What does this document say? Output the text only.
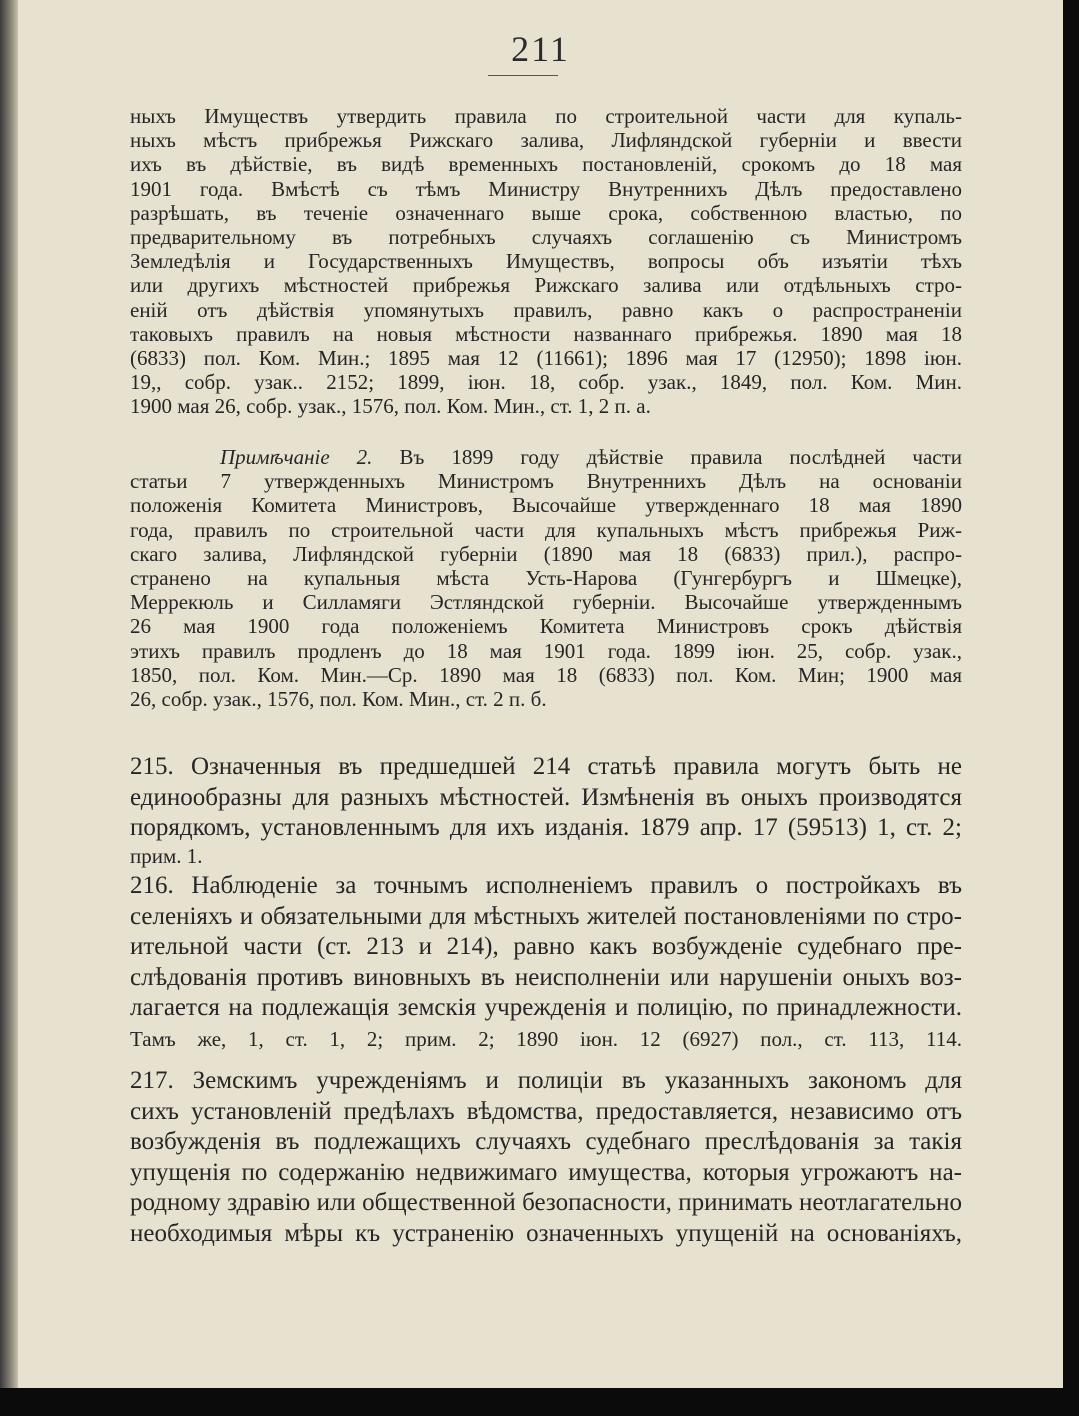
211
ныхъ Имуществъ утвердить правила по строительной части для купаль-
ныхъ мѣстъ прибрежья Рижскаго залива, Лифляндской губерніи и ввести
ихъ въ дѣйствіе, въ видѣ временныхъ постановленій, срокомъ до 18 мая
1901 года. Вмѣстѣ съ тѣмъ Министру Внутреннихъ Дѣлъ предоставлено
разрѣшать, въ теченіе означеннаго выше срока, собственною властью, по
предварительному въ потребныхъ случаяхъ соглашенію съ Министромъ
Земледѣлія и Государственныхъ Имуществъ, вопросы объ изъятіи тѣхъ
или другихъ мѣстностей прибрежья Рижскаго залива или отдѣльныхъ стро-
еній отъ дѣйствія упомянутыхъ правилъ, равно какъ о распространеніи
таковыхъ правилъ на новыя мѣстности названнаго прибрежья. 1890 мая 18
(6833) пол. Ком. Мин.; 1895 мая 12 (11661); 1896 мая 17 (12950); 1898 іюн.
19,, собр. узак.. 2152; 1899, іюн. 18, собр. узак., 1849, пол. Ком. Мин.
1900 мая 26, собр. узак., 1576, пол. Ком. Мин., ст. 1, 2 п. а.
Примѣчаніе 2. Въ 1899 году дѣйствіе правила послѣдней части
статьи 7 утвержденныхъ Министромъ Внутреннихъ Дѣлъ на основаніи
положенія Комитета Министровъ, Высочайше утвержденнаго 18 мая 1890
года, правилъ по строительной части для купальныхъ мѣстъ прибрежья Риж-
скаго залива, Лифляндской губерніи (1890 мая 18 (6833) прил.), распро-
странено на купальныя мѣста Усть-Нарова (Гунгербургъ и Шмецке),
Меррекюль и Силламяги Эстляндской губерніи. Высочайше утвержденнымъ
26 мая 1900 года положеніемъ Комитета Министровъ срокъ дѣйствія
этихъ правилъ продленъ до 18 мая 1901 года. 1899 іюн. 25, собр. узак.,
1850, пол. Ком. Мин.—Ср. 1890 мая 18 (6833) пол. Ком. Мин; 1900 мая
26, собр. узак., 1576, пол. Ком. Мин., ст. 2 п. б.
215. Означенныя въ предшедшей 214 статьѣ правила могутъ быть не
единообразны для разныхъ мѣстностей. Измѣненія въ оныхъ производятся
порядкомъ, установленнымъ для ихъ изданія. 1879 апр. 17 (59513) 1, ст. 2;
прим. 1.
216. Наблюденіе за точнымъ исполненіемъ правилъ о постройкахъ въ
селеніяхъ и обязательными для мѣстныхъ жителей постановленіями по стро-
ительной части (ст. 213 и 214), равно какъ возбужденіе судебнаго пре-
слѣдованія противъ виновныхъ въ неисполненіи или нарушеніи оныхъ воз-
лагается на подлежащія земскія учрежденія и полицію, по принадлежности.
Тамъ же, 1, ст. 1, 2; прим. 2; 1890 іюн. 12 (6927) пол., ст. 113, 114.
217. Земскимъ учрежденіямъ и полиціи въ указанныхъ закономъ для
сихъ установленій предѣлахъ вѣдомства, предоставляется, независимо отъ
возбужденія въ подлежащихъ случаяхъ судебнаго преслѣдованія за такія
упущенія по содержанію недвижимаго имущества, которыя угрожаютъ на-
родному здравію или общественной безопасности, принимать неотлагательно
необходимыя мѣры къ устраненію означенныхъ упущеній на основаніяхъ,
